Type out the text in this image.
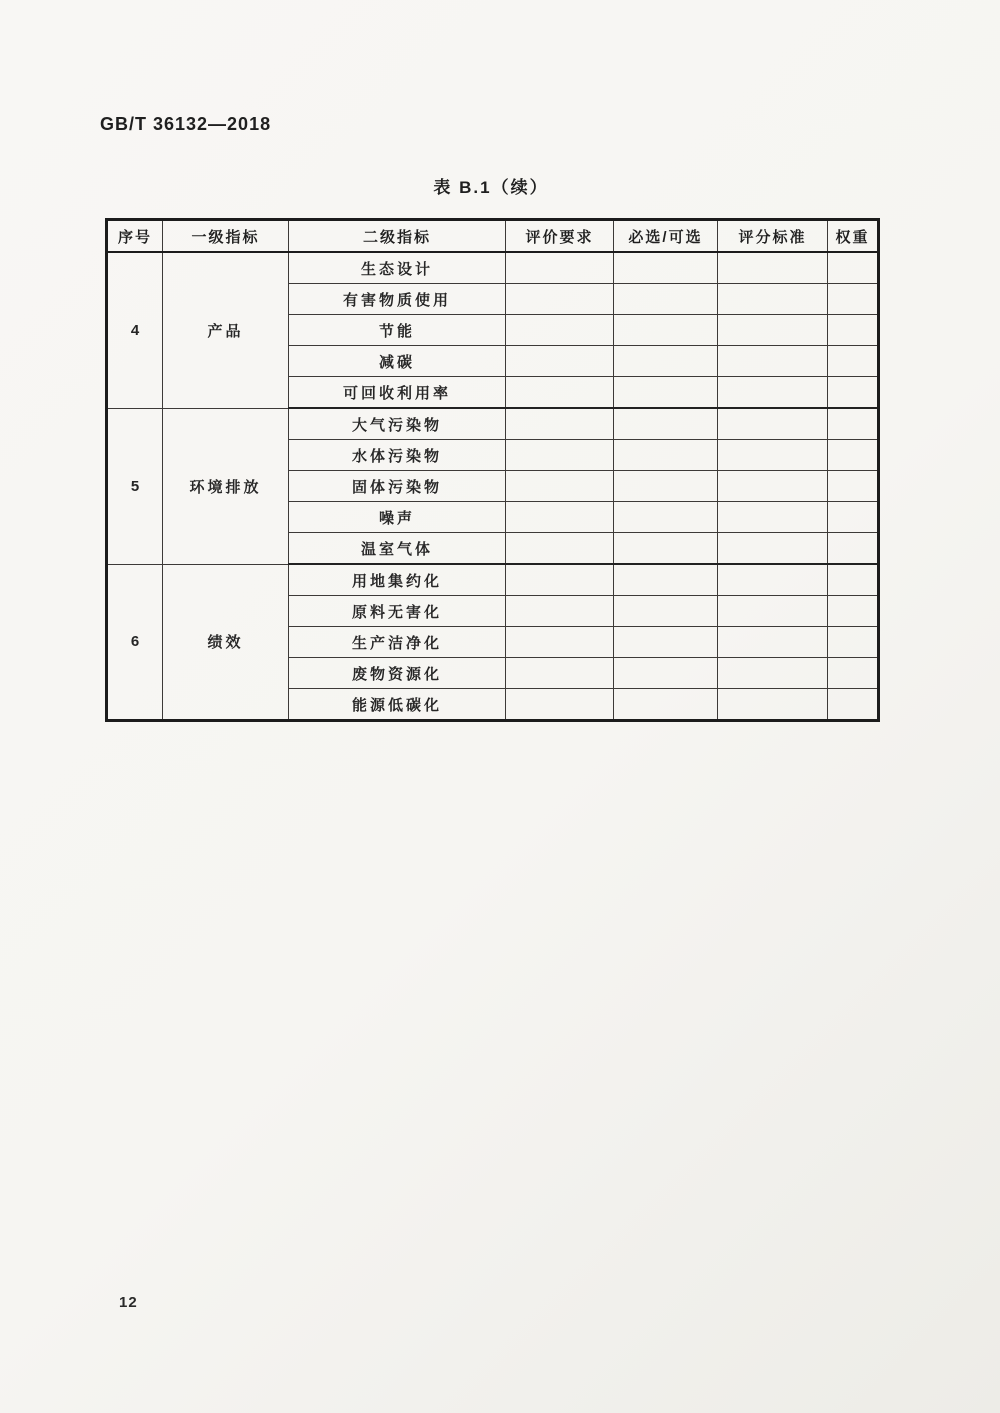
GB/T 36132—2018
表 B.1（续）
序号	一级指标	二级指标	评价要求	必选/可选	评分标准	权重
4	产品	生态设计				
		有害物质使用				
		节能				
		减碳				
		可回收利用率				
5	环境排放	大气污染物				
		水体污染物				
		固体污染物				
		噪声				
		温室气体				
6	绩效	用地集约化				
		原料无害化				
		生产洁净化				
		废物资源化				
		能源低碳化				
12
